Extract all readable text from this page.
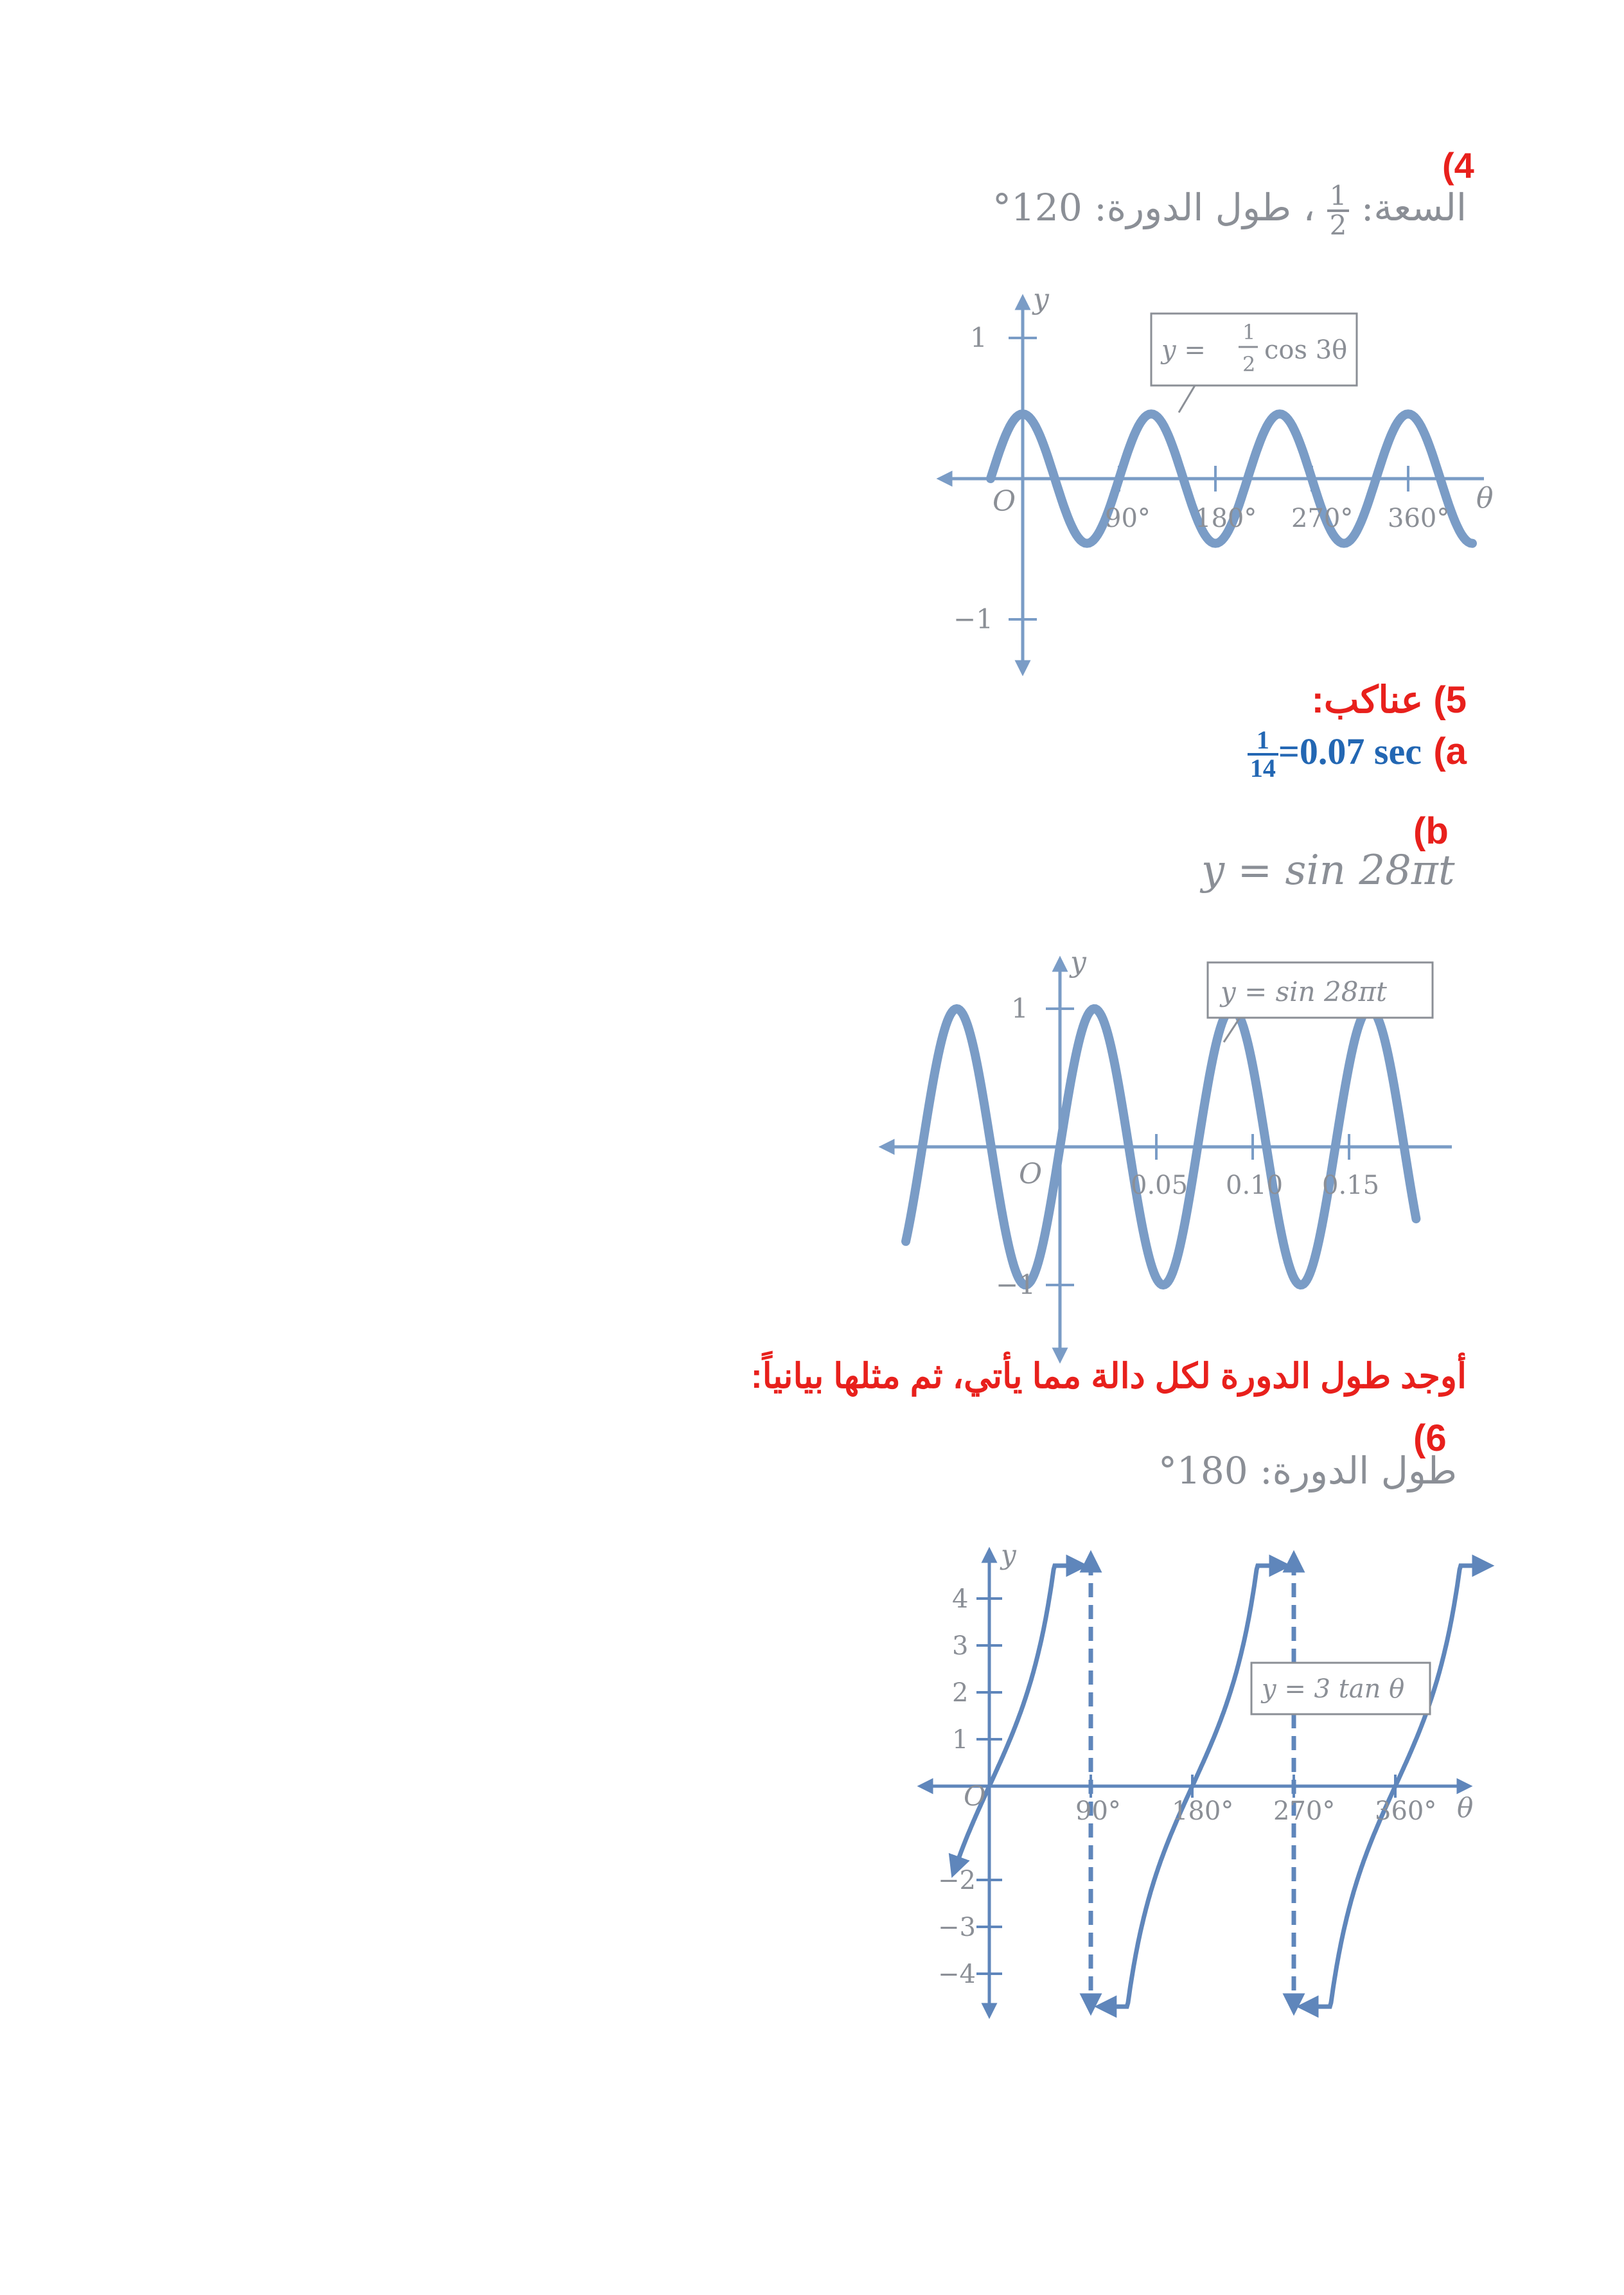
(4
السعة:
$\frac{1}{2}$
، طول الدورة: 120°
y
θ
O
1
−1
90° 180° 270° 360°
y =
1
2 cos 3θ
5) عناكب:
$\frac{1}{14} =0.07$ sec (a
(b
y = sin 28πt
y
O
1
−1
0.05 0.10 0.15
y = sin 28πt
أوجد طول الدورة لكل دالة مما يأتي، ثم مثلها بيانياً:
(6
طول الدورة: 180°
y
θ
O
4
3
2
1
−2
−3
−4
90° 180° 270° 360°
y = 3 tan θ
